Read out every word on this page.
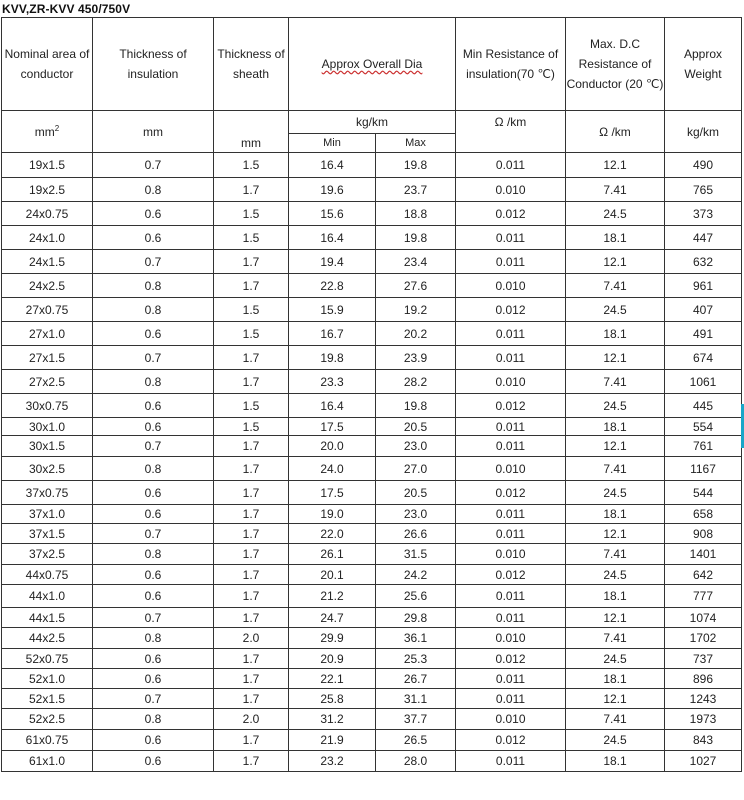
KVV,ZR-KVV 450/750V
Nominal area of conductor	Thickness of insulation	Thickness of sheath	Approx Overall Dia		Min Resistance of insulation(70 ℃)	Max. D.C Resistance of Conductor (20 ℃)	Approx Weight
$mm^2$	mm	mm	kg/km		Ω /km	Ω /km	kg/km
			Min	Max			
19x1.5	0.7	1.5	16.4	19.8	0.011	12.1	490
19x2.5	0.8	1.7	19.6	23.7	0.010	7.41	765
24x0.75	0.6	1.5	15.6	18.8	0.012	24.5	373
24x1.0	0.6	1.5	16.4	19.8	0.011	18.1	447
24x1.5	0.7	1.7	19.4	23.4	0.011	12.1	632
24x2.5	0.8	1.7	22.8	27.6	0.010	7.41	961
27x0.75	0.8	1.5	15.9	19.2	0.012	24.5	407
27x1.0	0.6	1.5	16.7	20.2	0.011	18.1	491
27x1.5	0.7	1.7	19.8	23.9	0.011	12.1	674
27x2.5	0.8	1.7	23.3	28.2	0.010	7.41	1061
30x0.75	0.6	1.5	16.4	19.8	0.012	24.5	445
30x1.0	0.6	1.5	17.5	20.5	0.011	18.1	554
30x1.5	0.7	1.7	20.0	23.0	0.011	12.1	761
30x2.5	0.8	1.7	24.0	27.0	0.010	7.41	1167
37x0.75	0.6	1.7	17.5	20.5	0.012	24.5	544
37x1.0	0.6	1.7	19.0	23.0	0.011	18.1	658
37x1.5	0.7	1.7	22.0	26.6	0.011	12.1	908
37x2.5	0.8	1.7	26.1	31.5	0.010	7.41	1401
44x0.75	0.6	1.7	20.1	24.2	0.012	24.5	642
44x1.0	0.6	1.7	21.2	25.6	0.011	18.1	777
44x1.5	0.7	1.7	24.7	29.8	0.011	12.1	1074
44x2.5	0.8	2.0	29.9	36.1	0.010	7.41	1702
52x0.75	0.6	1.7	20.9	25.3	0.012	24.5	737
52x1.0	0.6	1.7	22.1	26.7	0.011	18.1	896
52x1.5	0.7	1.7	25.8	31.1	0.011	12.1	1243
52x2.5	0.8	2.0	31.2	37.7	0.010	7.41	1973
61x0.75	0.6	1.7	21.9	26.5	0.012	24.5	843
61x1.0	0.6	1.7	23.2	28.0	0.011	18.1	1027
